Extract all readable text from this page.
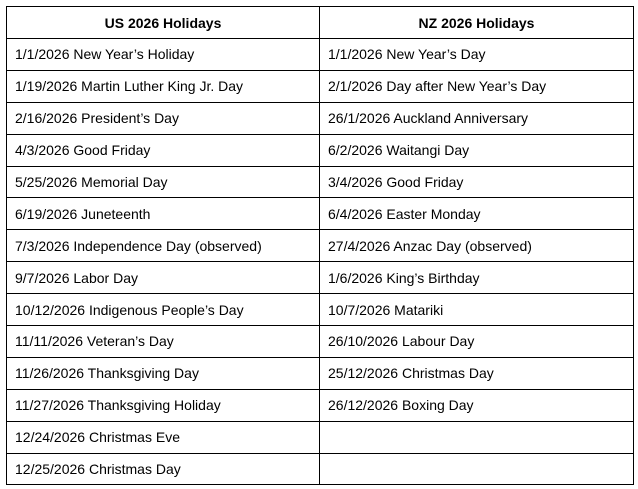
US 2026 Holidays	NZ 2026 Holidays
1/1/2026 New Year’s Holiday	1/1/2026 New Year’s Day
1/19/2026 Martin Luther King Jr. Day	2/1/2026 Day after New Year’s Day
2/16/2026 President’s Day	26/1/2026 Auckland Anniversary
4/3/2026 Good Friday	6/2/2026 Waitangi Day
5/25/2026 Memorial Day	3/4/2026 Good Friday
6/19/2026 Juneteenth	6/4/2026 Easter Monday
7/3/2026 Independence Day (observed)	27/4/2026 Anzac Day (observed)
9/7/2026 Labor Day	1/6/2026 King’s Birthday
10/12/2026 Indigenous People’s Day	10/7/2026 Matariki
11/11/2026 Veteran’s Day	26/10/2026 Labour Day
11/26/2026 Thanksgiving Day	25/12/2026 Christmas Day
11/27/2026 Thanksgiving Holiday	26/12/2026 Boxing Day
12/24/2026 Christmas Eve	
12/25/2026 Christmas Day	
